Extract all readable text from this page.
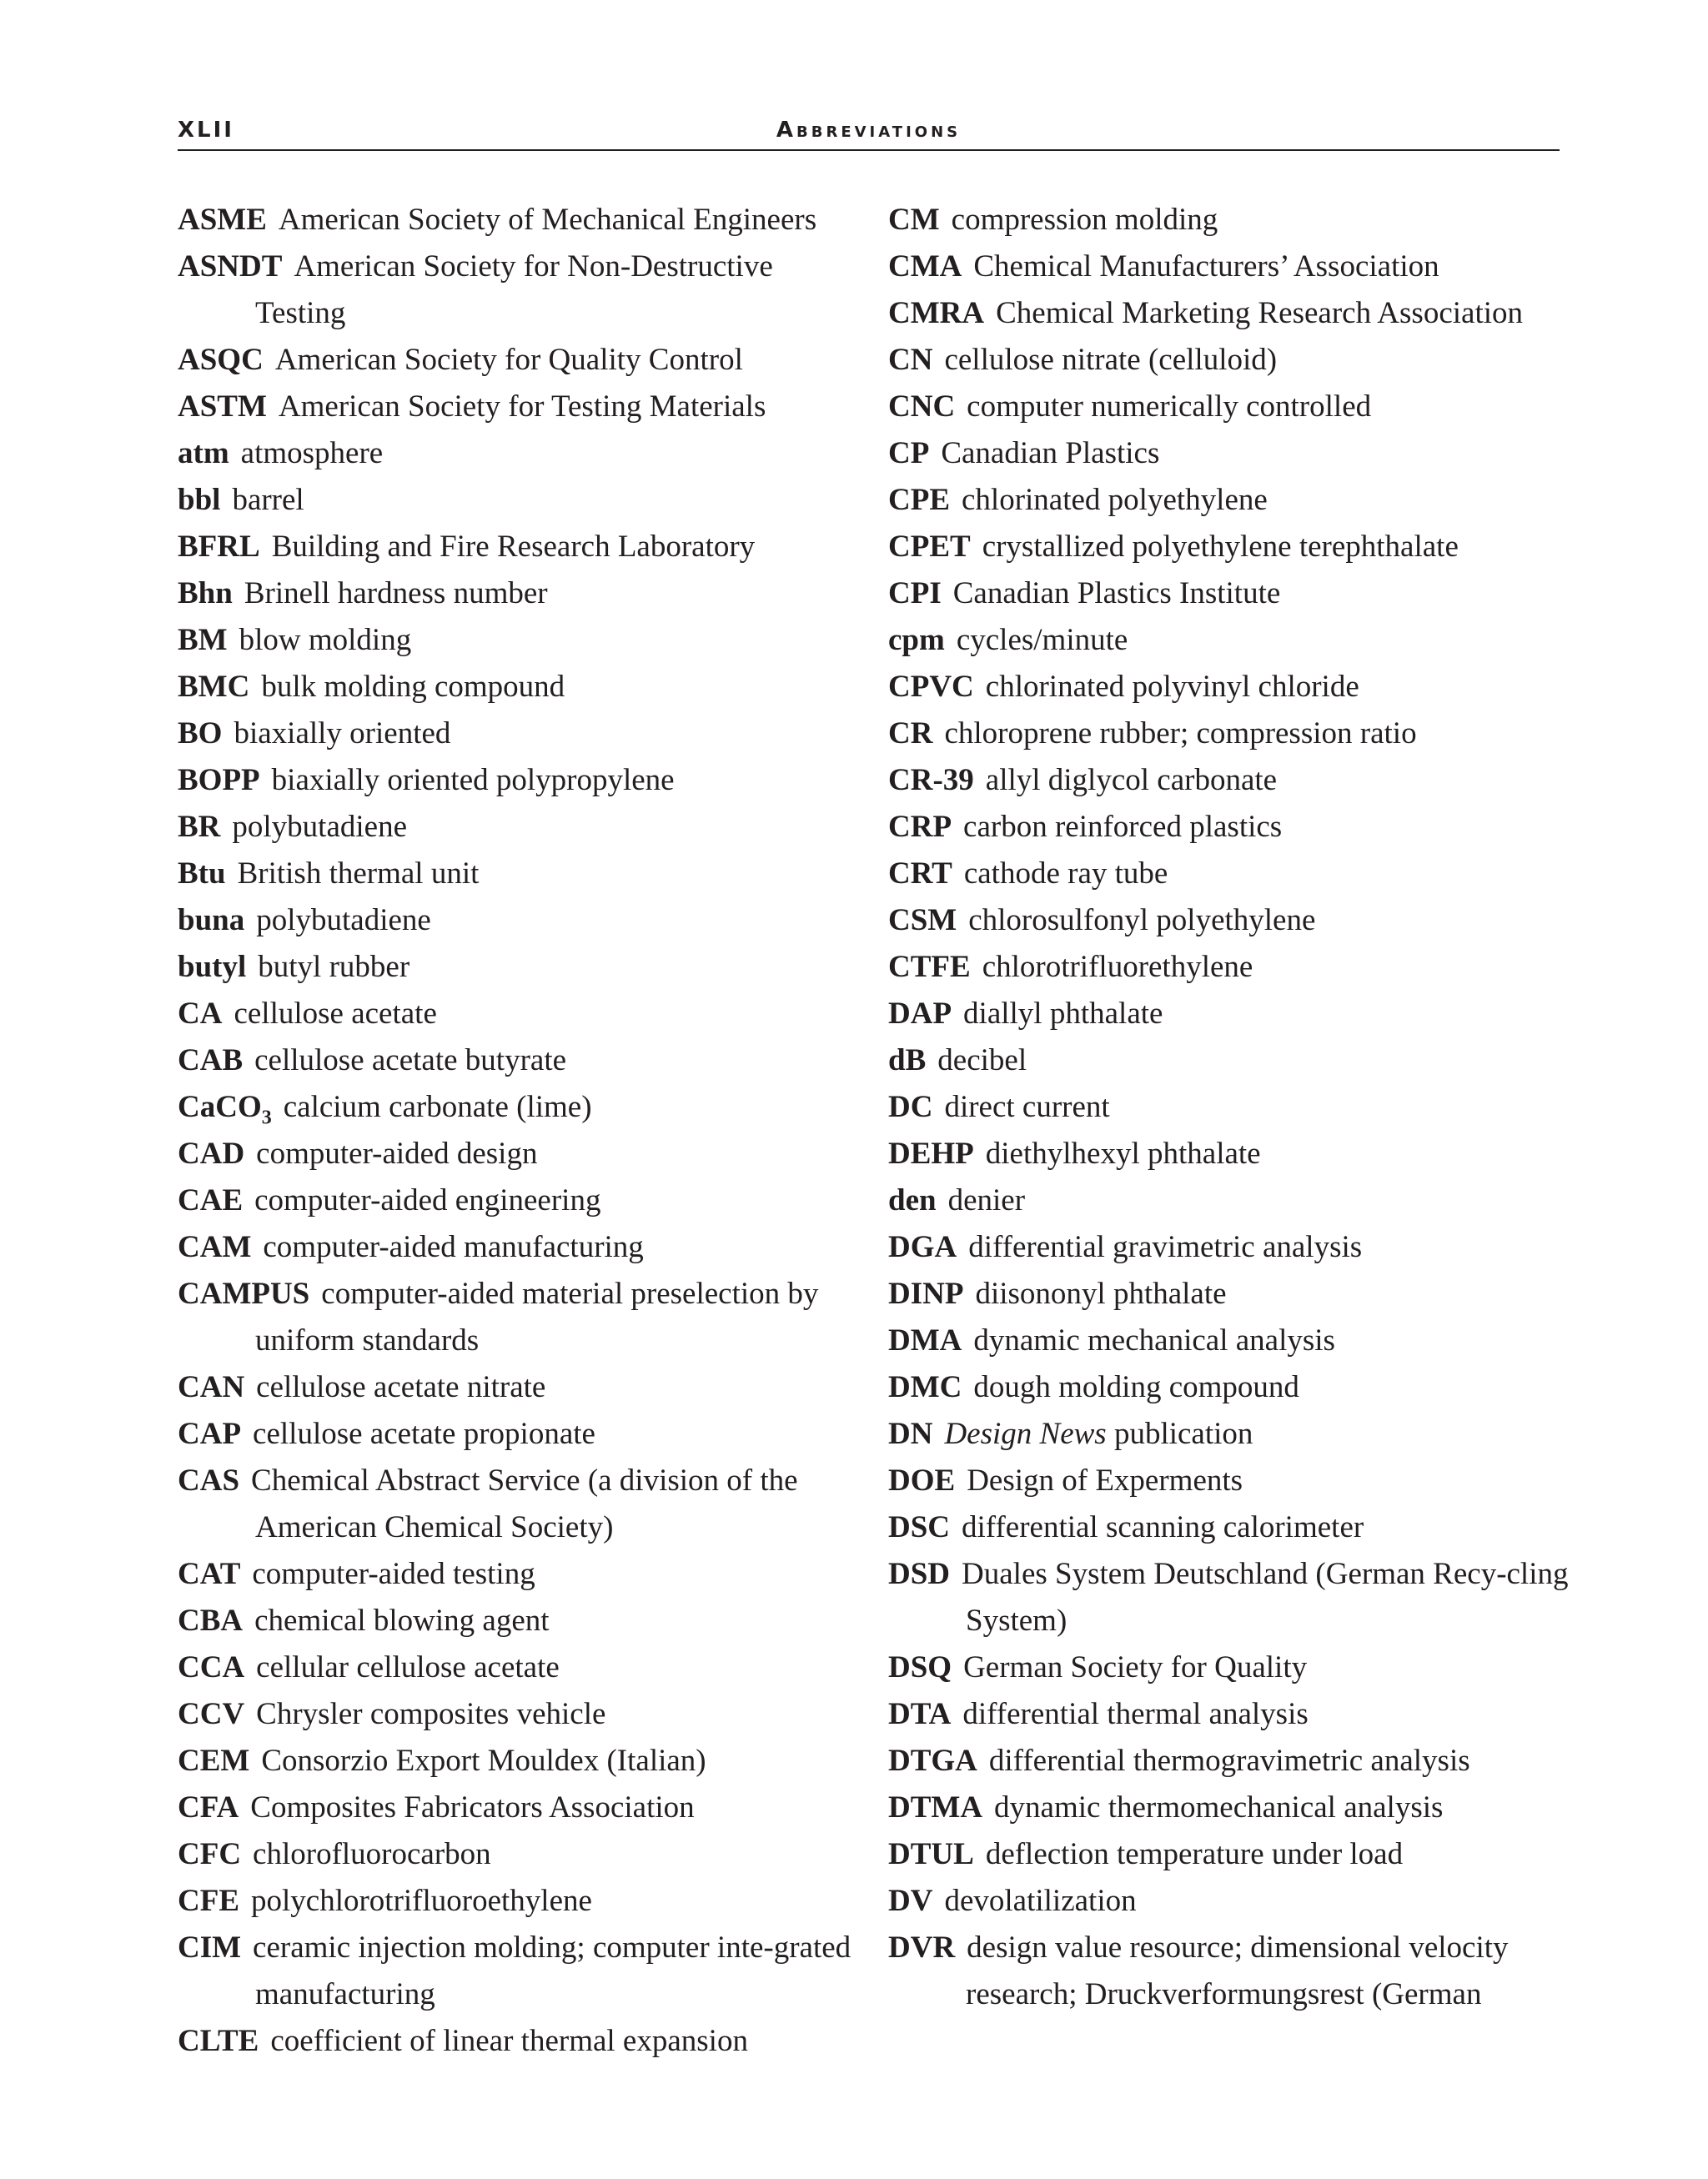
XLII	Abbreviations

ASME American Society of Mechanical Engineers

ASNDT American Society for Non-Destructive Testing

ASQC American Society for Quality Control

ASTM American Society for Testing Materials

atm atmosphere

bbl barrel

BFRL Building and Fire Research Laboratory

Bhn Brinell hardness number

BM blow molding

BMC bulk molding compound

BO biaxially oriented

BOPP biaxially oriented polypropylene

BR polybutadiene

Btu British thermal unit

buna polybutadiene

butyl butyl rubber

CA cellulose acetate

CAB cellulose acetate butyrate

CaCO$_3$ calcium carbonate (lime)

CAD computer-aided design

CAE computer-aided engineering

CAM computer-aided manufacturing

CAMPUS computer-aided material preselection by uniform standards

CAN cellulose acetate nitrate

CAP cellulose acetate propionate

CAS Chemical Abstract Service (a division of the American Chemical Society)

CAT computer-aided testing

CBA chemical blowing agent

CCA cellular cellulose acetate

CCV Chrysler composites vehicle

CEM Consorzio Export Mouldex (Italian)

CFA Composites Fabricators Association

CFC chlorofluorocarbon

CFE polychlorotrifluoroethylene

CIM ceramic injection molding; computer inte-grated manufacturing

CLTE coefficient of linear thermal expansion

CM compression molding

CMA Chemical Manufacturers’ Association

CMRA Chemical Marketing Research Association

CN cellulose nitrate (celluloid)

CNC computer numerically controlled

CP Canadian Plastics

CPE chlorinated polyethylene

CPET crystallized polyethylene terephthalate

CPI Canadian Plastics Institute

cpm cycles/minute

CPVC chlorinated polyvinyl chloride

CR chloroprene rubber; compression ratio

CR-39 allyl diglycol carbonate

CRP carbon reinforced plastics

CRT cathode ray tube

CSM chlorosulfonyl polyethylene

CTFE chlorotrifluorethylene

DAP diallyl phthalate

dB decibel

DC direct current

DEHP diethylhexyl phthalate

den denier

DGA differential gravimetric analysis

DINP diisononyl phthalate

DMA dynamic mechanical analysis

DMC dough molding compound

DN Design News publication

DOE Design of Experments

DSC differential scanning calorimeter

DSD Duales System Deutschland (German Recy-cling System)

DSQ German Society for Quality

DTA differential thermal analysis

DTGA differential thermogravimetric analysis

DTMA dynamic thermomechanical analysis

DTUL deflection temperature under load

DV devolatilization

DVR design value resource; dimensional velocity research; Druckverformungsrest (German
